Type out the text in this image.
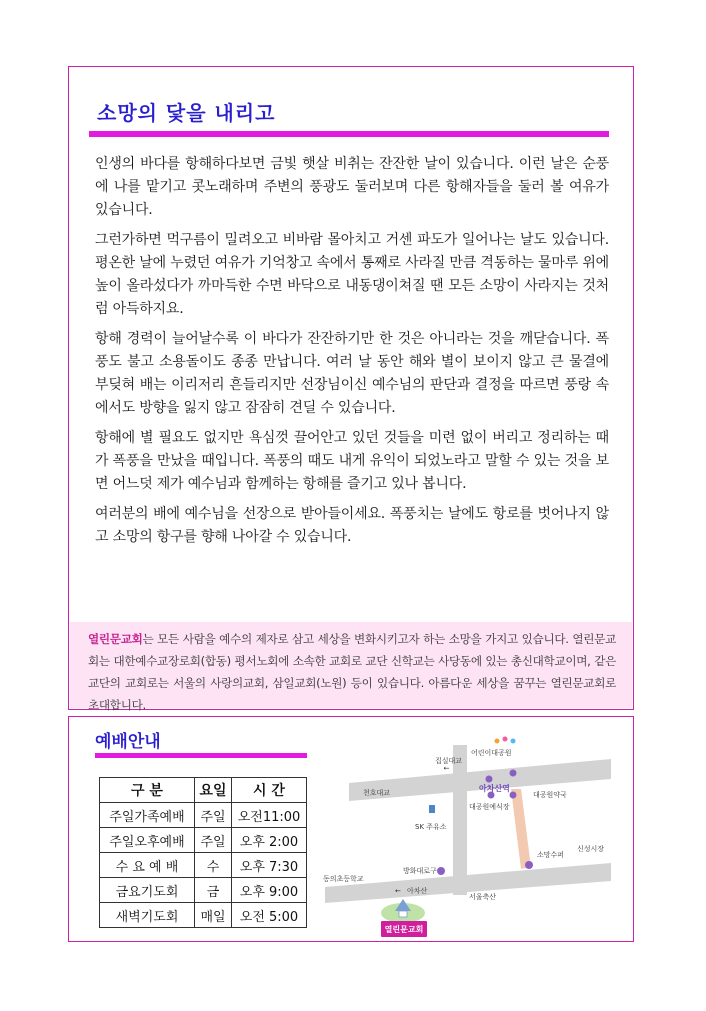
소망의 닻을 내리고

인생의 바다를 항해하다보면 금빛 햇살 비취는 잔잔한 날이 있습니다. 이런 날은 순풍에 나를 맡기고 콧노래하며 주변의 풍광도 둘러보며 다른 항해자들을 둘러 볼 여유가 있습니다.

그런가하면 먹구름이 밀려오고 비바람 몰아치고 거센 파도가 일어나는 날도 있습니다. 평온한 날에 누렸던 여유가 기억창고 속에서 통째로 사라질 만큼 격동하는 물마루 위에 높이 올라섰다가 까마득한 수면 바닥으로 내동댕이쳐질 땐 모든 소망이 사라지는 것처럼 아득하지요.

항해 경력이 늘어날수록 이 바다가 잔잔하기만 한 것은 아니라는 것을 깨닫습니다. 폭풍도 불고 소용돌이도 종종 만납니다. 여러 날 동안 해와 별이 보이지 않고 큰 물결에 부딪혀 배는 이리저리 흔들리지만 선장님이신 예수님의 판단과 결정을 따르면 풍랑 속에서도 방향을 잃지 않고 잠잠히 견딜 수 있습니다.

항해에 별 필요도 없지만 욕심껏 끌어안고 있던 것들을 미련 없이 버리고 정리하는 때가 폭풍을 만났을 때입니다. 폭풍의 때도 내게 유익이 되었노라고 말할 수 있는 것을 보면 어느덧 제가 예수님과 함께하는 항해를 즐기고 있나 봅니다.

여러분의 배에 예수님을 선장으로 받아들이세요. 폭풍치는 날에도 항로를 벗어나지 않고 소망의 항구를 향해 나아갈 수 있습니다.

열린문교회는 모든 사람을 예수의 제자로 삼고 세상을 변화시키고자 하는 소망을 가지고 있습니다. 열린문교회는 대한예수교장로회(합동) 평서노회에 소속한 교회로 교단 신학교는 사당동에 있는 총신대학교이며, 같은 교단의 교회로는 서울의 사랑의교회, 삼일교회(노원) 등이 있습니다. 아름다운 세상을 꿈꾸는 열린문교회로 초대합니다.
예배안내
구 분	요일	시 간
주일가족예배	주일	오전11:00
주일오후예배	주일	오후 2:00
수 요 예 배	수	오후 7:30
금요기도회	금	오후 9:00
새벽기도회	매일	오전 5:00
↑
집실대교
어린이대공원
천호대교	아차산역
대공원예식장
대공원약국
SK 주유소
소망수퍼
신성시장
동의초등학교
방화대로구
← 아차산
서울축산
열린문교회
